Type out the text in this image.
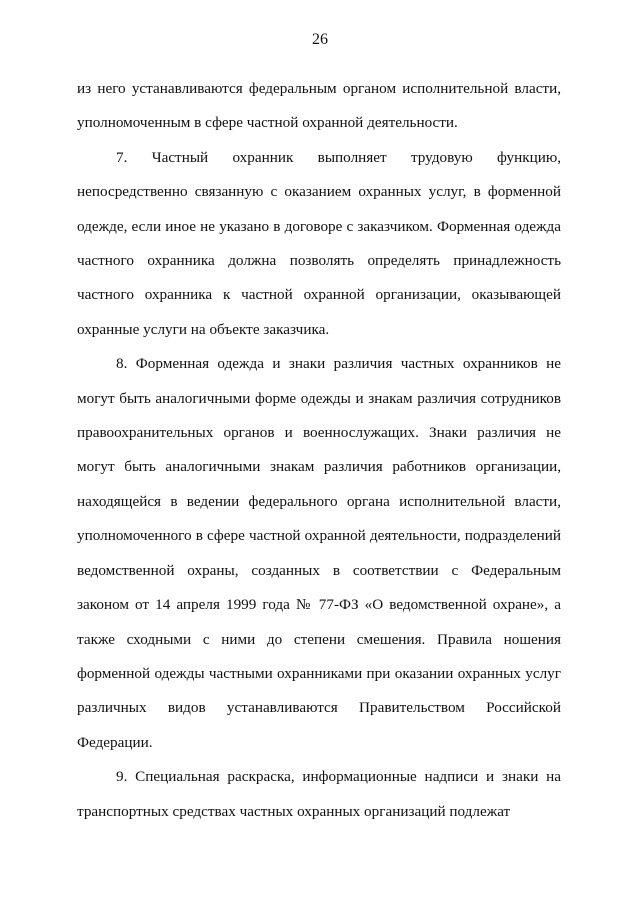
26

из него устанавливаются федеральным органом исполнительной власти, уполномоченным в сфере частной охранной деятельности.

7. Частный охранник выполняет трудовую функцию, непосредственно связанную с оказанием охранных услуг, в форменной одежде, если иное не указано в договоре с заказчиком. Форменная одежда частного охранника должна позволять определять принадлежность частного охранника к частной охранной организации, оказывающей охранные услуги на объекте заказчика.

8. Форменная одежда и знаки различия частных охранников не могут быть аналогичными форме одежды и знакам различия сотрудников правоохранительных органов и военнослужащих. Знаки различия не могут быть аналогичными знакам различия работников организации, находящейся в ведении федерального органа исполнительной власти, уполномоченного в сфере частной охранной деятельности, подразделений ведомственной охраны, созданных в соответствии с Федеральным законом от 14 апреля 1999 года № 77-ФЗ «О ведомственной охране», а также сходными с ними до степени смешения. Правила ношения форменной одежды частными охранниками при оказании охранных услуг различных видов устанавливаются Правительством Российской Федерации.

9. Специальная раскраска, информационные надписи и знаки на транспортных средствах частных охранных организаций подлежат
